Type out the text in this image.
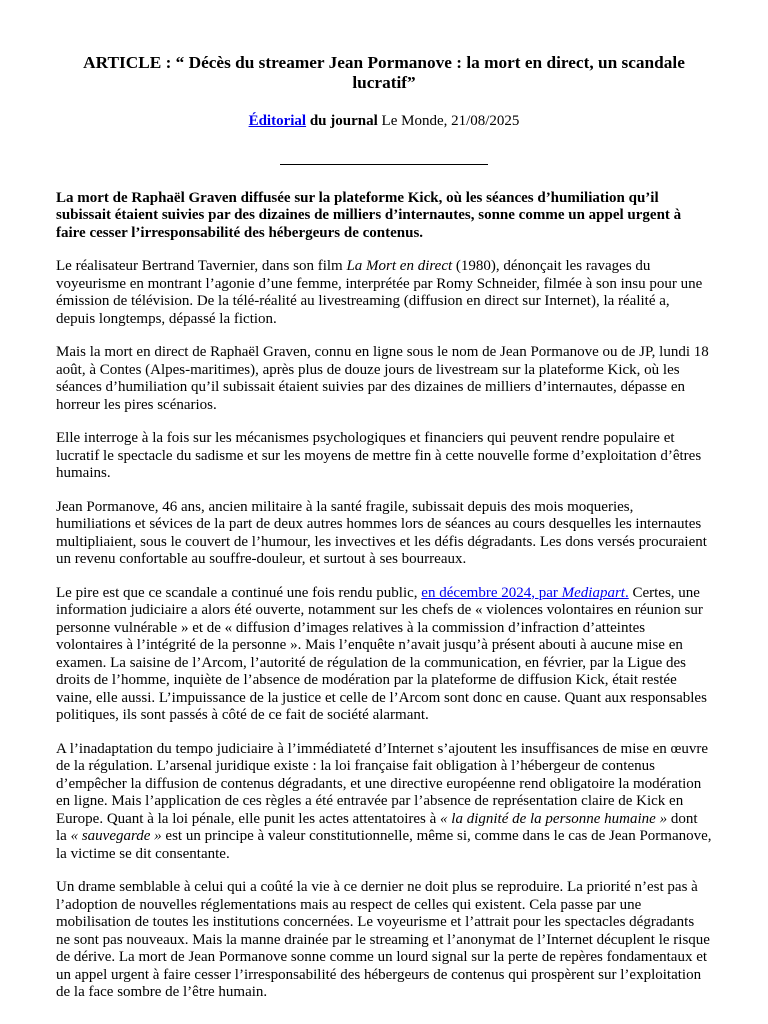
ARTICLE : “ Décès du streamer Jean Pormanove : la mort en direct, un scandale lucratif”
Éditorial du journal Le Monde, 21/08/2025

La mort de Raphaël Graven diffusée sur la plateforme Kick, où les séances d’humiliation qu’il subissait étaient suivies par des dizaines de milliers d’internautes, sonne comme un appel urgent à faire cesser l’irresponsabilité des hébergeurs de contenus.

Le réalisateur Bertrand Tavernier, dans son film La Mort en direct (1980), dénonçait les ravages du voyeurisme en montrant l’agonie d’une femme, interprétée par Romy Schneider, filmée à son insu pour une émission de télévision. De la télé-réalité au livestreaming (diffusion en direct sur Internet), la réalité a, depuis longtemps, dépassé la fiction.

Mais la mort en direct de Raphaël Graven, connu en ligne sous le nom de Jean Pormanove ou de JP, lundi 18 août, à Contes (Alpes-maritimes), après plus de douze jours de livestream sur la plateforme Kick, où les séances d’humiliation qu’il subissait étaient suivies par des dizaines de milliers d’internautes, dépasse en horreur les pires scénarios.

Elle interroge à la fois sur les mécanismes psychologiques et financiers qui peuvent rendre populaire et lucratif le spectacle du sadisme et sur les moyens de mettre fin à cette nouvelle forme d’exploitation d’êtres humains.

Jean Pormanove, 46 ans, ancien militaire à la santé fragile, subissait depuis des mois moqueries, humiliations et sévices de la part de deux autres hommes lors de séances au cours desquelles les internautes multipliaient, sous le couvert de l’humour, les invectives et les défis dégradants. Les dons versés procuraient un revenu confortable au souffre-douleur, et surtout à ses bourreaux.

Le pire est que ce scandale a continué une fois rendu public, en décembre 2024, par Mediapart. Certes, une information judiciaire a alors été ouverte, notamment sur les chefs de « violences volontaires en réunion sur personne vulnérable » et de « diffusion d’images relatives à la commission d’infraction d’atteintes volontaires à l’intégrité de la personne ». Mais l’enquête n’avait jusqu’à présent abouti à aucune mise en examen. La saisine de l’Arcom, l’autorité de régulation de la communication, en février, par la Ligue des droits de l’homme, inquiète de l’absence de modération par la plateforme de diffusion Kick, était restée vaine, elle aussi. L’impuissance de la justice et celle de l’Arcom sont donc en cause. Quant aux responsables politiques, ils sont passés à côté de ce fait de société alarmant.

A l’inadaptation du tempo judiciaire à l’immédiateté d’Internet s’ajoutent les insuffisances de mise en œuvre de la régulation. L’arsenal juridique existe : la loi française fait obligation à l’hébergeur de contenus d’empêcher la diffusion de contenus dégradants, et une directive européenne rend obligatoire la modération en ligne. Mais l’application de ces règles a été entravée par l’absence de représentation claire de Kick en Europe. Quant à la loi pénale, elle punit les actes attentatoires à « la dignité de la personne humaine » dont la « sauvegarde » est un principe à valeur constitutionnelle, même si, comme dans le cas de Jean Pormanove, la victime se dit consentante.

Un drame semblable à celui qui a coûté la vie à ce dernier ne doit plus se reproduire. La priorité n’est pas à l’adoption de nouvelles réglementations mais au respect de celles qui existent. Cela passe par une mobilisation de toutes les institutions concernées. Le voyeurisme et l’attrait pour les spectacles dégradants ne sont pas nouveaux. Mais la manne drainée par le streaming et l’anonymat de l’Internet décuplent le risque de dérive. La mort de Jean Pormanove sonne comme un lourd signal sur la perte de repères fondamentaux et un appel urgent à faire cesser l’irresponsabilité des hébergeurs de contenus qui prospèrent sur l’exploitation de la face sombre de l’être humain.
